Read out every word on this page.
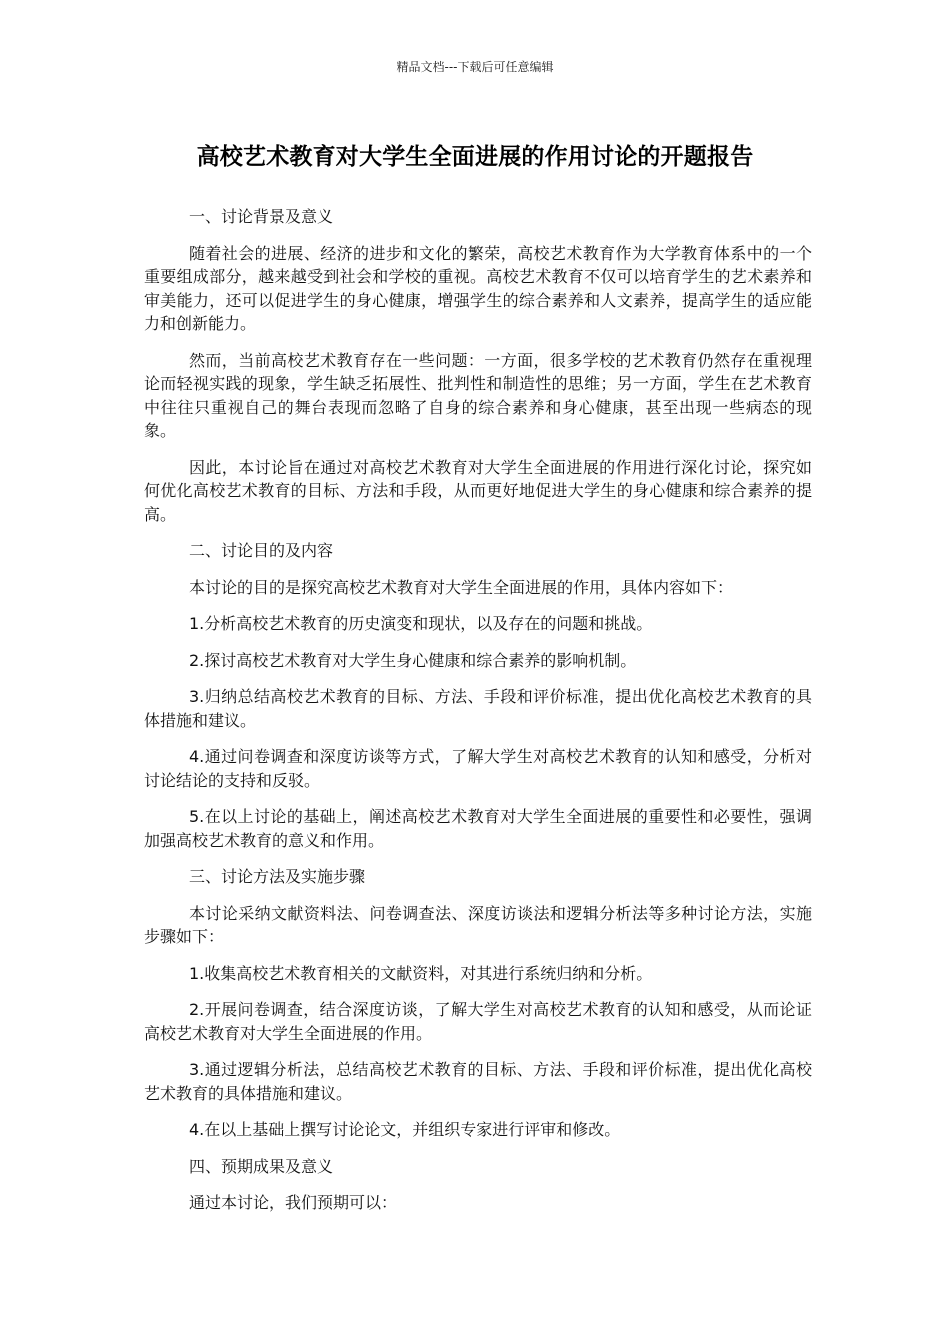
精品文档---下载后可任意编辑
高校艺术教育对大学生全面进展的作用讨论的开题报告

一、讨论背景及意义

随着社会的进展、经济的进步和文化的繁荣，高校艺术教育作为大学教育体系中的一个重要组成部分，越来越受到社会和学校的重视。高校艺术教育不仅可以培育学生的艺术素养和审美能力，还可以促进学生的身心健康，增强学生的综合素养和人文素养，提高学生的适应能力和创新能力。

然而，当前高校艺术教育存在一些问题：一方面，很多学校的艺术教育仍然存在重视理论而轻视实践的现象，学生缺乏拓展性、批判性和制造性的思维；另一方面，学生在艺术教育中往往只重视自己的舞台表现而忽略了自身的综合素养和身心健康，甚至出现一些病态的现象。

因此，本讨论旨在通过对高校艺术教育对大学生全面进展的作用进行深化讨论，探究如何优化高校艺术教育的目标、方法和手段，从而更好地促进大学生的身心健康和综合素养的提高。

二、讨论目的及内容

本讨论的目的是探究高校艺术教育对大学生全面进展的作用，具体内容如下：

1.分析高校艺术教育的历史演变和现状，以及存在的问题和挑战。

2.探讨高校艺术教育对大学生身心健康和综合素养的影响机制。

3.归纳总结高校艺术教育的目标、方法、手段和评价标准，提出优化高校艺术教育的具体措施和建议。

4.通过问卷调查和深度访谈等方式，了解大学生对高校艺术教育的认知和感受，分析对讨论结论的支持和反驳。

5.在以上讨论的基础上，阐述高校艺术教育对大学生全面进展的重要性和必要性，强调加强高校艺术教育的意义和作用。

三、讨论方法及实施步骤

本讨论采纳文献资料法、问卷调查法、深度访谈法和逻辑分析法等多种讨论方法，实施步骤如下：

1.收集高校艺术教育相关的文献资料，对其进行系统归纳和分析。

2.开展问卷调查，结合深度访谈，了解大学生对高校艺术教育的认知和感受，从而论证高校艺术教育对大学生全面进展的作用。

3.通过逻辑分析法，总结高校艺术教育的目标、方法、手段和评价标准，提出优化高校艺术教育的具体措施和建议。

4.在以上基础上撰写讨论论文，并组织专家进行评审和修改。

四、预期成果及意义

通过本讨论，我们预期可以：
